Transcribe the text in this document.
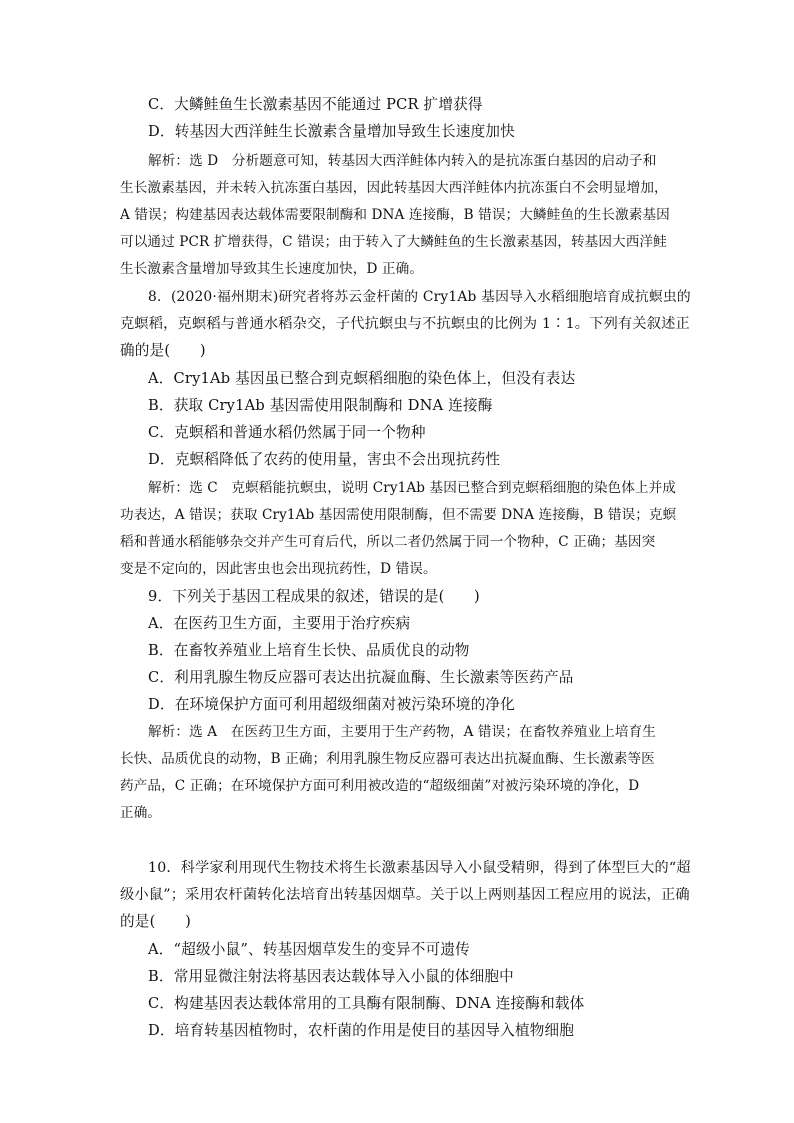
C．大鳞鲑鱼生长激素基因不能通过 PCR 扩增获得
D．转基因大西洋鲑生长激素含量增加导致生长速度加快
解析：选 D　分析题意可知，转基因大西洋鲑体内转入的是抗冻蛋白基因的启动子和
生长激素基因，并未转入抗冻蛋白基因，因此转基因大西洋鲑体内抗冻蛋白不会明显增加，
A 错误；构建基因表达载体需要限制酶和 DNA 连接酶，B 错误；大鳞鲑鱼的生长激素基因
可以通过 PCR 扩增获得，C 错误；由于转入了大鳞鲑鱼的生长激素基因，转基因大西洋鲑
生长激素含量增加导致其生长速度加快，D 正确。
8．(2020·福州期末)研究者将苏云金杆菌的 Cry1Ab 基因导入水稻细胞培育成抗螟虫的
克螟稻，克螟稻与普通水稻杂交，子代抗螟虫与不抗螟虫的比例为 1∶1。下列有关叙述正
确的是(　　)
A．Cry1Ab 基因虽已整合到克螟稻细胞的染色体上，但没有表达
B．获取 Cry1Ab 基因需使用限制酶和 DNA 连接酶
C．克螟稻和普通水稻仍然属于同一个物种
D．克螟稻降低了农药的使用量，害虫不会出现抗药性
解析：选 C　克螟稻能抗螟虫，说明 Cry1Ab 基因已整合到克螟稻细胞的染色体上并成
功表达，A 错误；获取 Cry1Ab 基因需使用限制酶，但不需要 DNA 连接酶，B 错误；克螟
稻和普通水稻能够杂交并产生可育后代，所以二者仍然属于同一个物种，C 正确；基因突
变是不定向的，因此害虫也会出现抗药性，D 错误。
9．下列关于基因工程成果的叙述，错误的是(　　)
A．在医药卫生方面，主要用于治疗疾病
B．在畜牧养殖业上培育生长快、品质优良的动物
C．利用乳腺生物反应器可表达出抗凝血酶、生长激素等医药产品
D．在环境保护方面可利用超级细菌对被污染环境的净化
解析：选 A　在医药卫生方面，主要用于生产药物，A 错误；在畜牧养殖业上培育生
长快、品质优良的动物，B 正确；利用乳腺生物反应器可表达出抗凝血酶、生长激素等医
药产品，C 正确；在环境保护方面可利用被改造的“超级细菌”对被污染环境的净化，D
正确。
10．科学家利用现代生物技术将生长激素基因导入小鼠受精卵，得到了体型巨大的“超
级小鼠”；采用农杆菌转化法培育出转基因烟草。关于以上两则基因工程应用的说法，正确
的是(　　)
A．“超级小鼠”、转基因烟草发生的变异不可遗传
B．常用显微注射法将基因表达载体导入小鼠的体细胞中
C．构建基因表达载体常用的工具酶有限制酶、DNA 连接酶和载体
D．培育转基因植物时，农杆菌的作用是使目的基因导入植物细胞
